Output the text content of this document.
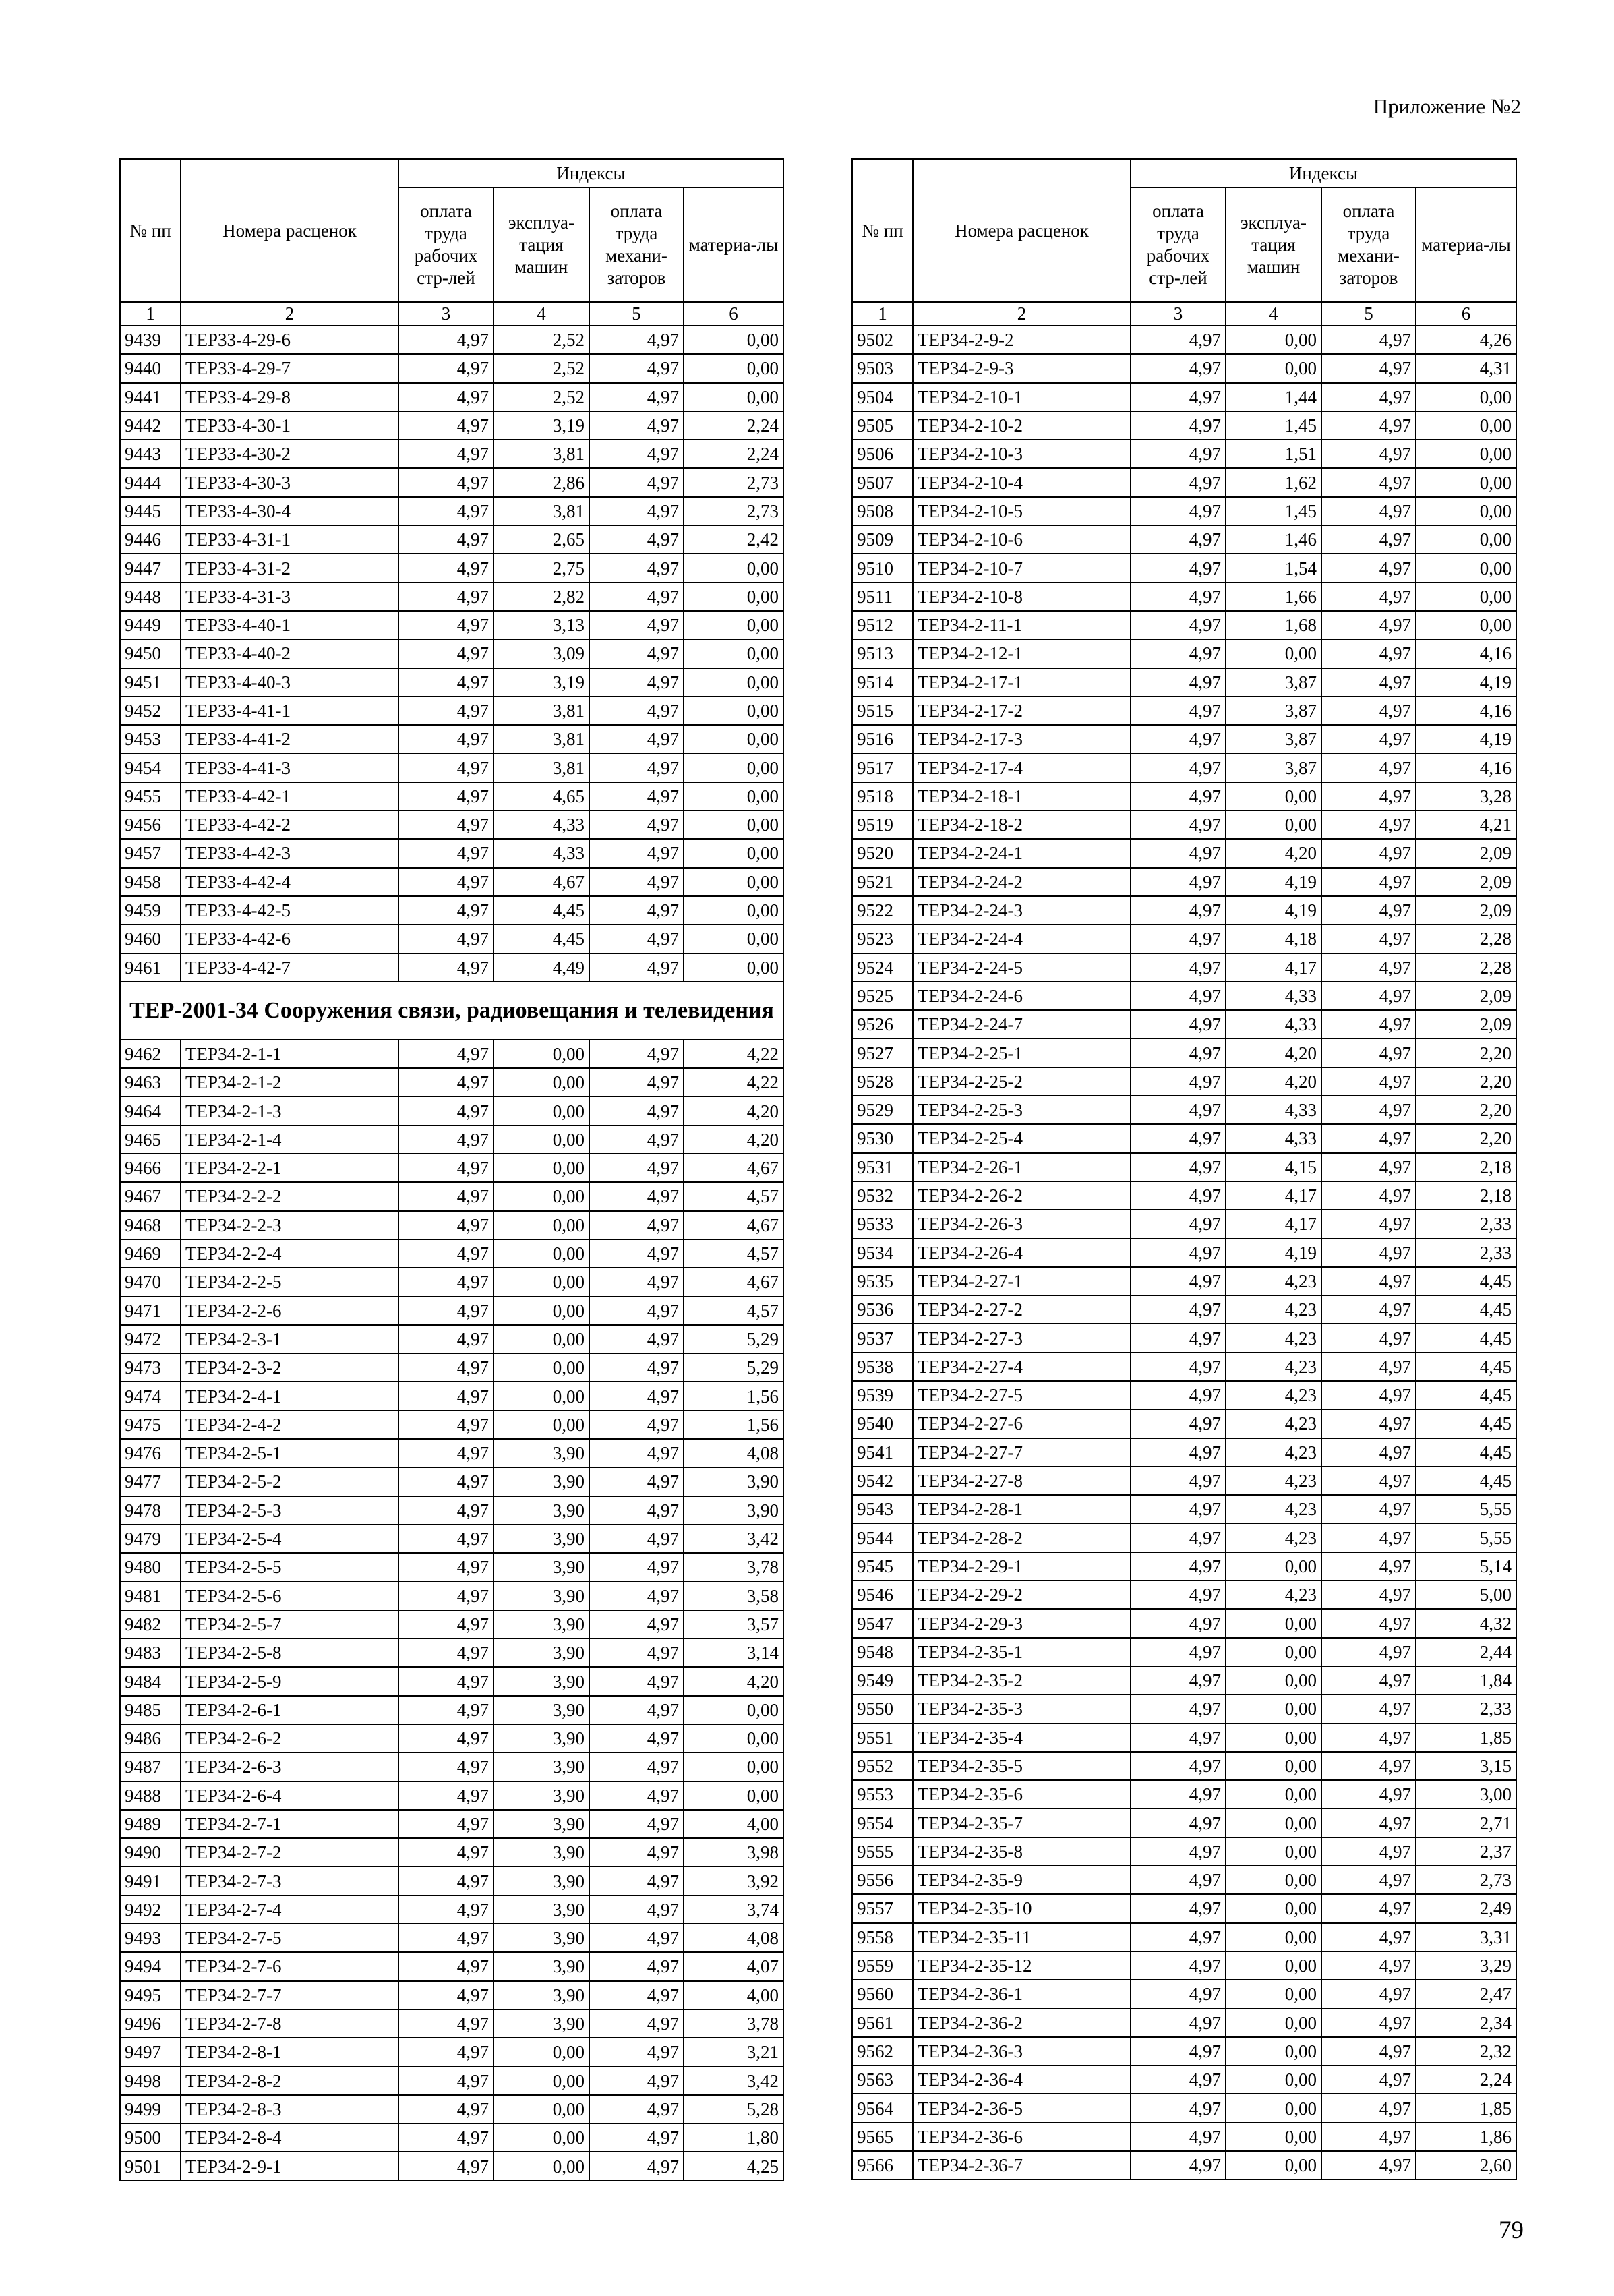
Приложение №2
№ пп	Номера расценок	Индексы			
		оплата труда рабочих стр-лей	эксплуа-тация машин	оплата труда механи-заторов	материа-лы
1	2	3	4	5	6
9439	ТЕР33-4-29-6	4,97	2,52	4,97	0,00
9440	ТЕР33-4-29-7	4,97	2,52	4,97	0,00
9441	ТЕР33-4-29-8	4,97	2,52	4,97	0,00
9442	ТЕР33-4-30-1	4,97	3,19	4,97	2,24
9443	ТЕР33-4-30-2	4,97	3,81	4,97	2,24
9444	ТЕР33-4-30-3	4,97	2,86	4,97	2,73
9445	ТЕР33-4-30-4	4,97	3,81	4,97	2,73
9446	ТЕР33-4-31-1	4,97	2,65	4,97	2,42
9447	ТЕР33-4-31-2	4,97	2,75	4,97	0,00
9448	ТЕР33-4-31-3	4,97	2,82	4,97	0,00
9449	ТЕР33-4-40-1	4,97	3,13	4,97	0,00
9450	ТЕР33-4-40-2	4,97	3,09	4,97	0,00
9451	ТЕР33-4-40-3	4,97	3,19	4,97	0,00
9452	ТЕР33-4-41-1	4,97	3,81	4,97	0,00
9453	ТЕР33-4-41-2	4,97	3,81	4,97	0,00
9454	ТЕР33-4-41-3	4,97	3,81	4,97	0,00
9455	ТЕР33-4-42-1	4,97	4,65	4,97	0,00
9456	ТЕР33-4-42-2	4,97	4,33	4,97	0,00
9457	ТЕР33-4-42-3	4,97	4,33	4,97	0,00
9458	ТЕР33-4-42-4	4,97	4,67	4,97	0,00
9459	ТЕР33-4-42-5	4,97	4,45	4,97	0,00
9460	ТЕР33-4-42-6	4,97	4,45	4,97	0,00
9461	ТЕР33-4-42-7	4,97	4,49	4,97	0,00
ТЕР-2001-34 Сооружения связи, радиовещания и телевидения					
9462	ТЕР34-2-1-1	4,97	0,00	4,97	4,22
9463	ТЕР34-2-1-2	4,97	0,00	4,97	4,22
9464	ТЕР34-2-1-3	4,97	0,00	4,97	4,20
9465	ТЕР34-2-1-4	4,97	0,00	4,97	4,20
9466	ТЕР34-2-2-1	4,97	0,00	4,97	4,67
9467	ТЕР34-2-2-2	4,97	0,00	4,97	4,57
9468	ТЕР34-2-2-3	4,97	0,00	4,97	4,67
9469	ТЕР34-2-2-4	4,97	0,00	4,97	4,57
9470	ТЕР34-2-2-5	4,97	0,00	4,97	4,67
9471	ТЕР34-2-2-6	4,97	0,00	4,97	4,57
9472	ТЕР34-2-3-1	4,97	0,00	4,97	5,29
9473	ТЕР34-2-3-2	4,97	0,00	4,97	5,29
9474	ТЕР34-2-4-1	4,97	0,00	4,97	1,56
9475	ТЕР34-2-4-2	4,97	0,00	4,97	1,56
9476	ТЕР34-2-5-1	4,97	3,90	4,97	4,08
9477	ТЕР34-2-5-2	4,97	3,90	4,97	3,90
9478	ТЕР34-2-5-3	4,97	3,90	4,97	3,90
9479	ТЕР34-2-5-4	4,97	3,90	4,97	3,42
9480	ТЕР34-2-5-5	4,97	3,90	4,97	3,78
9481	ТЕР34-2-5-6	4,97	3,90	4,97	3,58
9482	ТЕР34-2-5-7	4,97	3,90	4,97	3,57
9483	ТЕР34-2-5-8	4,97	3,90	4,97	3,14
9484	ТЕР34-2-5-9	4,97	3,90	4,97	4,20
9485	ТЕР34-2-6-1	4,97	3,90	4,97	0,00
9486	ТЕР34-2-6-2	4,97	3,90	4,97	0,00
9487	ТЕР34-2-6-3	4,97	3,90	4,97	0,00
9488	ТЕР34-2-6-4	4,97	3,90	4,97	0,00
9489	ТЕР34-2-7-1	4,97	3,90	4,97	4,00
9490	ТЕР34-2-7-2	4,97	3,90	4,97	3,98
9491	ТЕР34-2-7-3	4,97	3,90	4,97	3,92
9492	ТЕР34-2-7-4	4,97	3,90	4,97	3,74
9493	ТЕР34-2-7-5	4,97	3,90	4,97	4,08
9494	ТЕР34-2-7-6	4,97	3,90	4,97	4,07
9495	ТЕР34-2-7-7	4,97	3,90	4,97	4,00
9496	ТЕР34-2-7-8	4,97	3,90	4,97	3,78
9497	ТЕР34-2-8-1	4,97	0,00	4,97	3,21
9498	ТЕР34-2-8-2	4,97	0,00	4,97	3,42
9499	ТЕР34-2-8-3	4,97	0,00	4,97	5,28
9500	ТЕР34-2-8-4	4,97	0,00	4,97	1,80
9501	ТЕР34-2-9-1	4,97	0,00	4,97	4,25
№ пп	Номера расценок	Индексы			
		оплата труда рабочих стр-лей	эксплуа-тация машин	оплата труда механи-заторов	материа-лы
1	2	3	4	5	6
9502	ТЕР34-2-9-2	4,97	0,00	4,97	4,26
9503	ТЕР34-2-9-3	4,97	0,00	4,97	4,31
9504	ТЕР34-2-10-1	4,97	1,44	4,97	0,00
9505	ТЕР34-2-10-2	4,97	1,45	4,97	0,00
9506	ТЕР34-2-10-3	4,97	1,51	4,97	0,00
9507	ТЕР34-2-10-4	4,97	1,62	4,97	0,00
9508	ТЕР34-2-10-5	4,97	1,45	4,97	0,00
9509	ТЕР34-2-10-6	4,97	1,46	4,97	0,00
9510	ТЕР34-2-10-7	4,97	1,54	4,97	0,00
9511	ТЕР34-2-10-8	4,97	1,66	4,97	0,00
9512	ТЕР34-2-11-1	4,97	1,68	4,97	0,00
9513	ТЕР34-2-12-1	4,97	0,00	4,97	4,16
9514	ТЕР34-2-17-1	4,97	3,87	4,97	4,19
9515	ТЕР34-2-17-2	4,97	3,87	4,97	4,16
9516	ТЕР34-2-17-3	4,97	3,87	4,97	4,19
9517	ТЕР34-2-17-4	4,97	3,87	4,97	4,16
9518	ТЕР34-2-18-1	4,97	0,00	4,97	3,28
9519	ТЕР34-2-18-2	4,97	0,00	4,97	4,21
9520	ТЕР34-2-24-1	4,97	4,20	4,97	2,09
9521	ТЕР34-2-24-2	4,97	4,19	4,97	2,09
9522	ТЕР34-2-24-3	4,97	4,19	4,97	2,09
9523	ТЕР34-2-24-4	4,97	4,18	4,97	2,28
9524	ТЕР34-2-24-5	4,97	4,17	4,97	2,28
9525	ТЕР34-2-24-6	4,97	4,33	4,97	2,09
9526	ТЕР34-2-24-7	4,97	4,33	4,97	2,09
9527	ТЕР34-2-25-1	4,97	4,20	4,97	2,20
9528	ТЕР34-2-25-2	4,97	4,20	4,97	2,20
9529	ТЕР34-2-25-3	4,97	4,33	4,97	2,20
9530	ТЕР34-2-25-4	4,97	4,33	4,97	2,20
9531	ТЕР34-2-26-1	4,97	4,15	4,97	2,18
9532	ТЕР34-2-26-2	4,97	4,17	4,97	2,18
9533	ТЕР34-2-26-3	4,97	4,17	4,97	2,33
9534	ТЕР34-2-26-4	4,97	4,19	4,97	2,33
9535	ТЕР34-2-27-1	4,97	4,23	4,97	4,45
9536	ТЕР34-2-27-2	4,97	4,23	4,97	4,45
9537	ТЕР34-2-27-3	4,97	4,23	4,97	4,45
9538	ТЕР34-2-27-4	4,97	4,23	4,97	4,45
9539	ТЕР34-2-27-5	4,97	4,23	4,97	4,45
9540	ТЕР34-2-27-6	4,97	4,23	4,97	4,45
9541	ТЕР34-2-27-7	4,97	4,23	4,97	4,45
9542	ТЕР34-2-27-8	4,97	4,23	4,97	4,45
9543	ТЕР34-2-28-1	4,97	4,23	4,97	5,55
9544	ТЕР34-2-28-2	4,97	4,23	4,97	5,55
9545	ТЕР34-2-29-1	4,97	0,00	4,97	5,14
9546	ТЕР34-2-29-2	4,97	4,23	4,97	5,00
9547	ТЕР34-2-29-3	4,97	0,00	4,97	4,32
9548	ТЕР34-2-35-1	4,97	0,00	4,97	2,44
9549	ТЕР34-2-35-2	4,97	0,00	4,97	1,84
9550	ТЕР34-2-35-3	4,97	0,00	4,97	2,33
9551	ТЕР34-2-35-4	4,97	0,00	4,97	1,85
9552	ТЕР34-2-35-5	4,97	0,00	4,97	3,15
9553	ТЕР34-2-35-6	4,97	0,00	4,97	3,00
9554	ТЕР34-2-35-7	4,97	0,00	4,97	2,71
9555	ТЕР34-2-35-8	4,97	0,00	4,97	2,37
9556	ТЕР34-2-35-9	4,97	0,00	4,97	2,73
9557	ТЕР34-2-35-10	4,97	0,00	4,97	2,49
9558	ТЕР34-2-35-11	4,97	0,00	4,97	3,31
9559	ТЕР34-2-35-12	4,97	0,00	4,97	3,29
9560	ТЕР34-2-36-1	4,97	0,00	4,97	2,47
9561	ТЕР34-2-36-2	4,97	0,00	4,97	2,34
9562	ТЕР34-2-36-3	4,97	0,00	4,97	2,32
9563	ТЕР34-2-36-4	4,97	0,00	4,97	2,24
9564	ТЕР34-2-36-5	4,97	0,00	4,97	1,85
9565	ТЕР34-2-36-6	4,97	0,00	4,97	1,86
9566	ТЕР34-2-36-7	4,97	0,00	4,97	2,60
79
